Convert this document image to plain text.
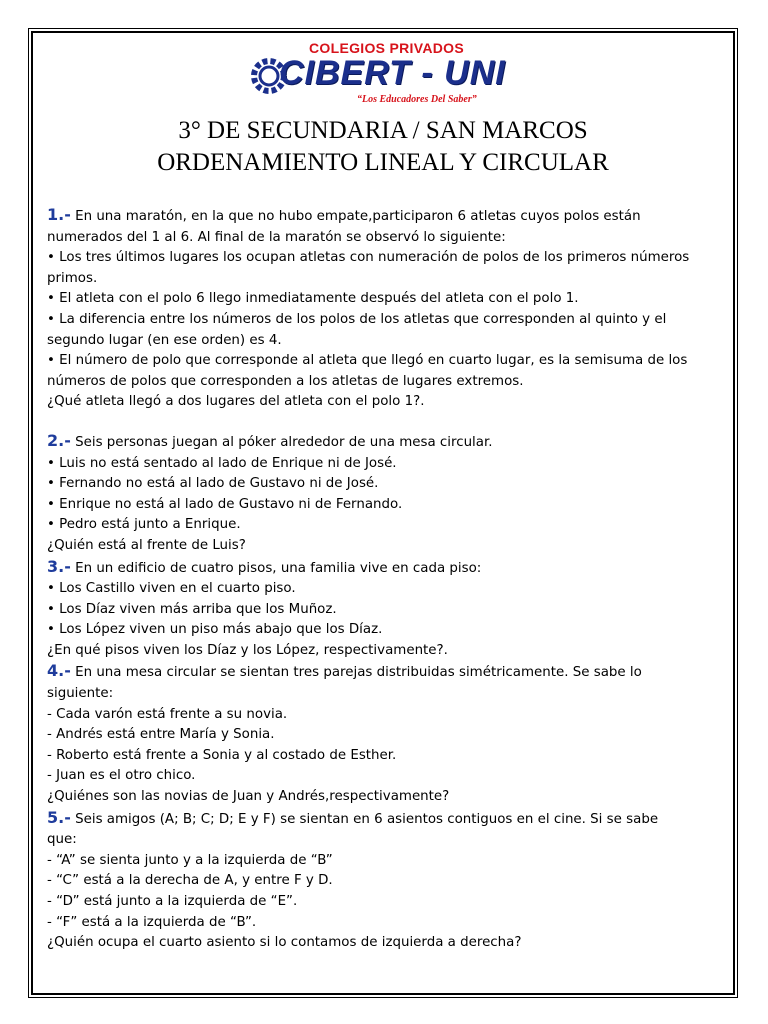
COLEGIOS PRIVADOS
CIBERT - UNI
“Los Educadores Del Saber”
3° DE SECUNDARIA / SAN MARCOS
ORDENAMIENTO LINEAL Y CIRCULAR

1.- En una maratón, en la que no hubo empate,participaron 6 atletas cuyos polos están

numerados del 1 al 6. Al final de la maratón se observó lo siguiente:

• Los tres últimos lugares los ocupan atletas con numeración de polos de los primeros números

primos.

• El atleta con el polo 6 llego inmediatamente después del atleta con el polo 1.

• La diferencia entre los números de los polos de los atletas que corresponden al quinto y el

segundo lugar (en ese orden) es 4.

• El número de polo que corresponde al atleta que llegó en cuarto lugar, es la semisuma de los

números de polos que corresponden a los atletas de lugares extremos.

¿Qué atleta llegó a dos lugares del atleta con el polo 1?.

2.- Seis personas juegan al póker alrededor de una mesa circular.

• Luis no está sentado al lado de Enrique ni de José.

• Fernando no está al lado de Gustavo ni de José.

• Enrique no está al lado de Gustavo ni de Fernando.

• Pedro está junto a Enrique.

¿Quién está al frente de Luis?

3.- En un edificio de cuatro pisos, una familia vive en cada piso:

• Los Castillo viven en el cuarto piso.

• Los Díaz viven más arriba que los Muñoz.

• Los López viven un piso más abajo que los Díaz.

¿En qué pisos viven los Díaz y los López, respectivamente?.

4.- En una mesa circular se sientan tres parejas distribuidas simétricamente. Se sabe lo

siguiente:

- Cada varón está frente a su novia.

- Andrés está entre María y Sonia.

- Roberto está frente a Sonia y al costado de Esther.

- Juan es el otro chico.

¿Quiénes son las novias de Juan y Andrés,respectivamente?

5.- Seis amigos (A; B; C; D; E y F) se sientan en 6 asientos contiguos en el cine. Si se sabe

que:

- “A” se sienta junto y a la izquierda de “B”

- “C” está a la derecha de A, y entre F y D.

- “D” está junto a la izquierda de “E”.

- “F” está a la izquierda de “B”.

¿Quién ocupa el cuarto asiento si lo contamos de izquierda a derecha?
